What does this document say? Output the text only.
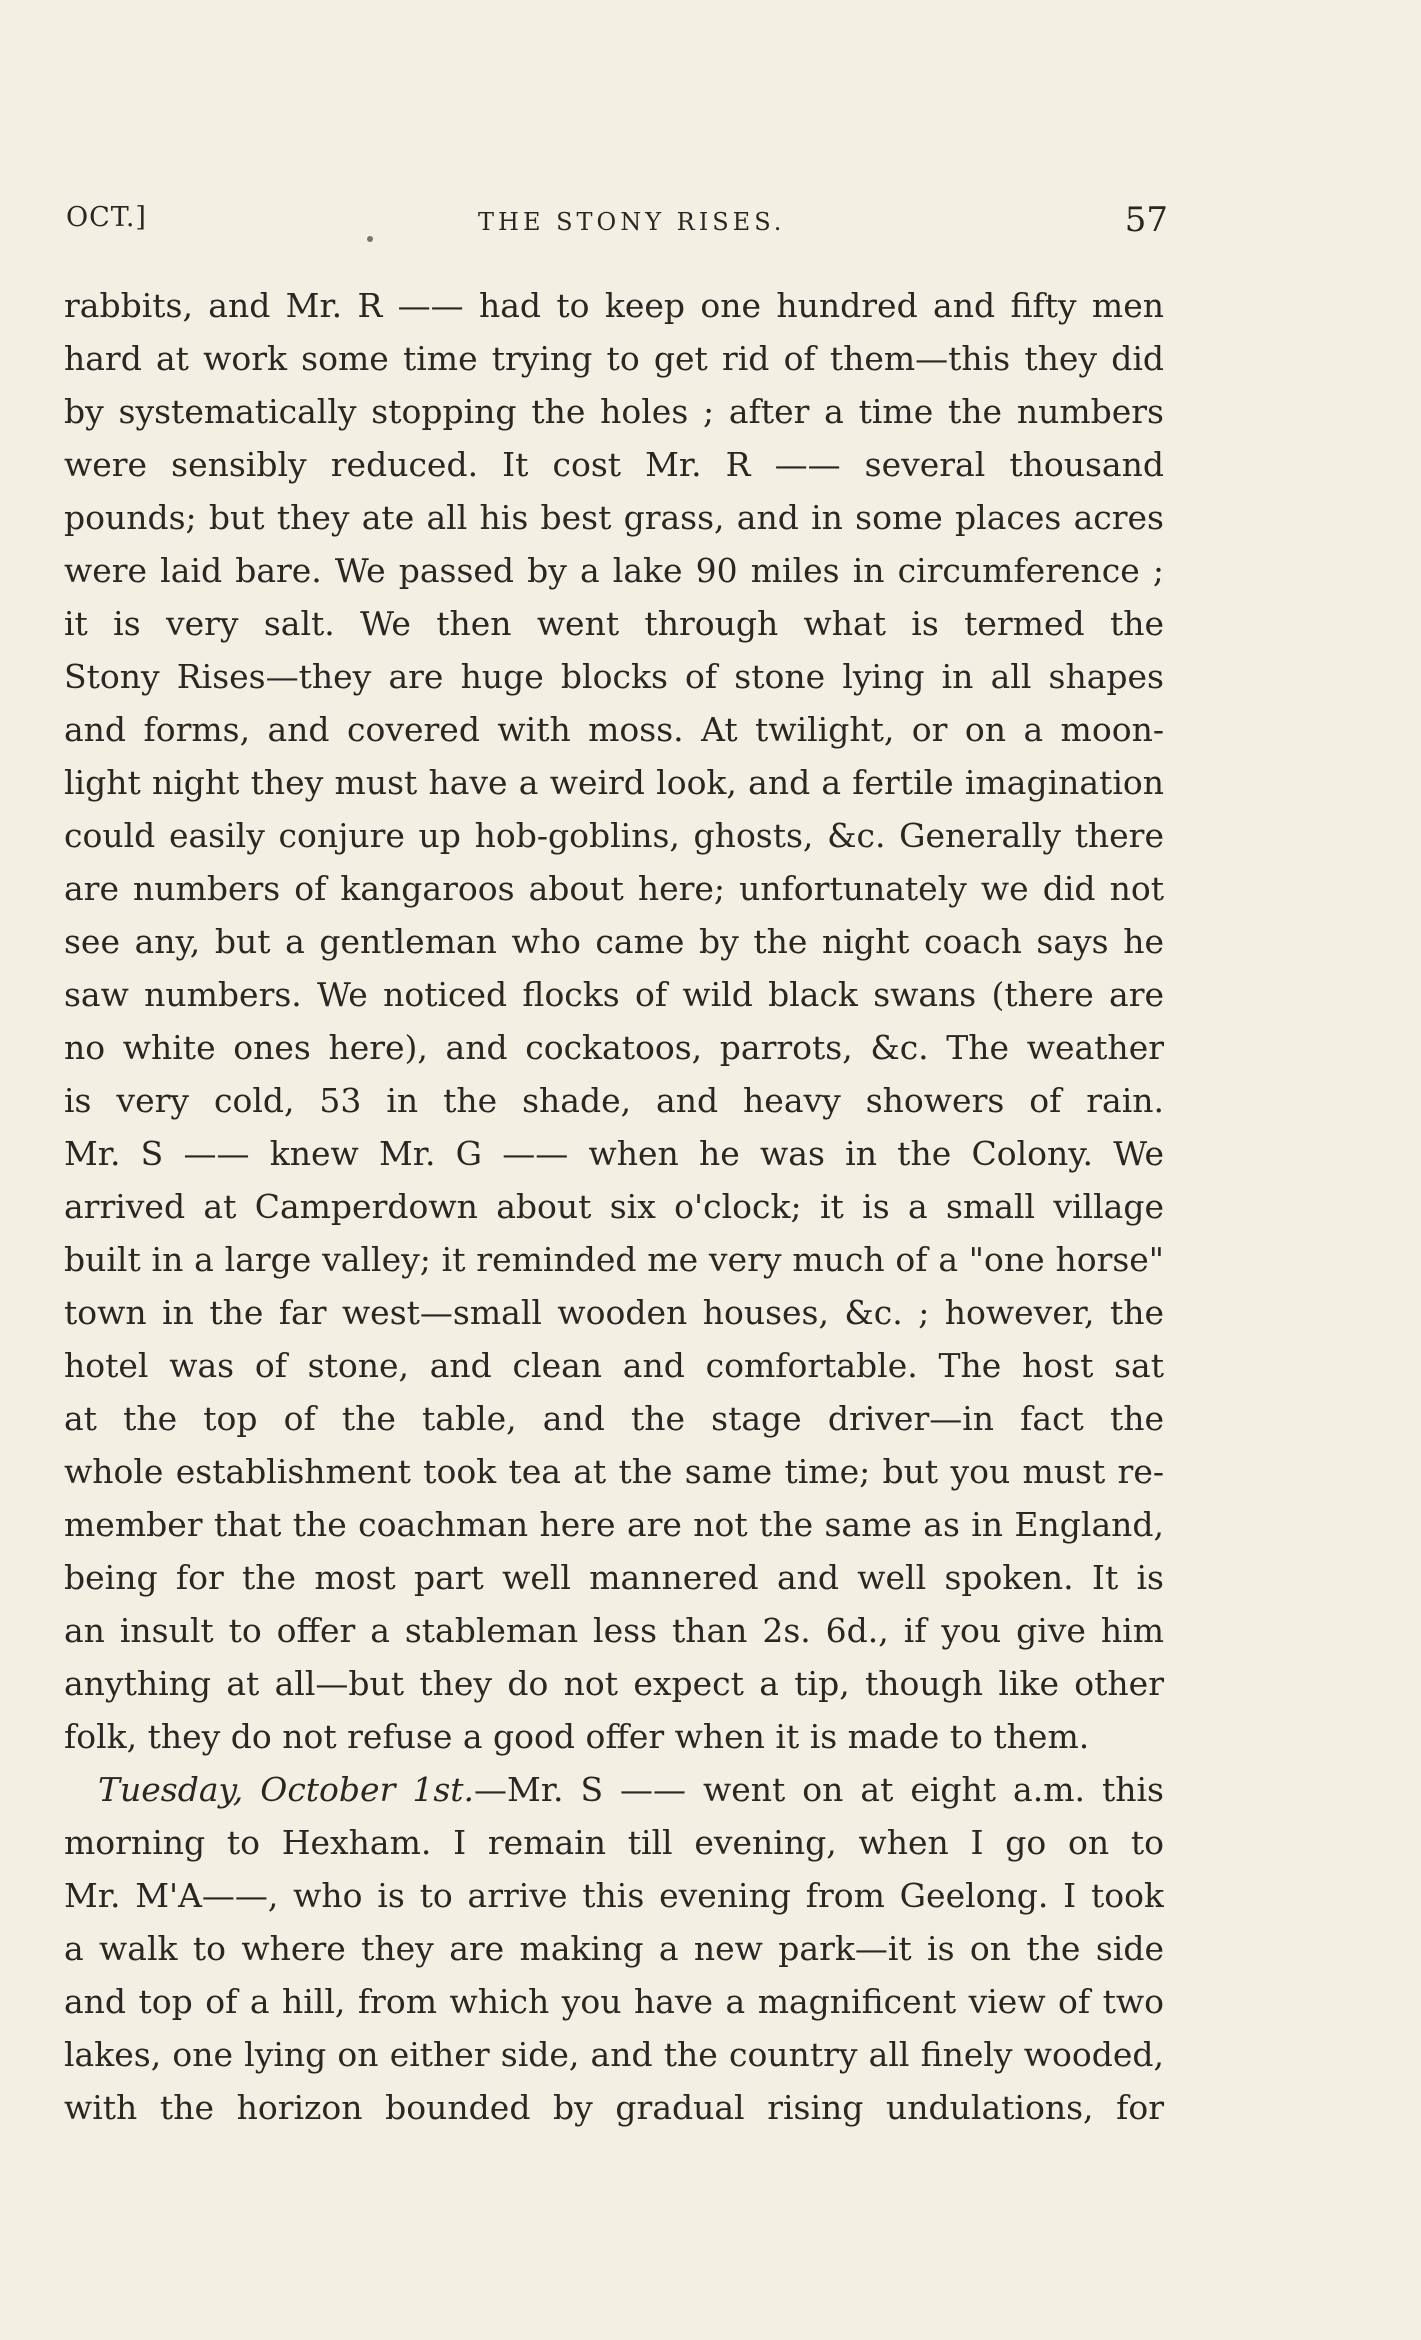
OCT.]	THE STONY RISES.	57
rabbits, and Mr. R —— had to keep one hundred and fifty men
hard at work some time trying to get rid of them—this they did
by systematically stopping the holes ; after a time the numbers
were sensibly reduced. It cost Mr. R —— several thousand
pounds; but they ate all his best grass, and in some places acres
were laid bare. We passed by a lake 90 miles in circumference ;
it is very salt. We then went through what is termed the
Stony Rises—they are huge blocks of stone lying in all shapes
and forms, and covered with moss. At twilight, or on a moon-
light night they must have a weird look, and a fertile imagination
could easily conjure up hob-goblins, ghosts, &c. Generally there
are numbers of kangaroos about here; unfortunately we did not
see any, but a gentleman who came by the night coach says he
saw numbers. We noticed flocks of wild black swans (there are
no white ones here), and cockatoos, parrots, &c. The weather
is very cold, 53 in the shade, and heavy showers of rain.
Mr. S —— knew Mr. G —— when he was in the Colony. We
arrived at Camperdown about six o'clock; it is a small village
built in a large valley; it reminded me very much of a "one horse"
town in the far west—small wooden houses, &c. ; however, the
hotel was of stone, and clean and comfortable. The host sat
at the top of the table, and the stage driver—in fact the
whole establishment took tea at the same time; but you must re-
member that the coachman here are not the same as in England,
being for the most part well mannered and well spoken. It is
an insult to offer a stableman less than 2s. 6d., if you give him
anything at all—but they do not expect a tip, though like other
folk, they do not refuse a good offer when it is made to them.
Tuesday, October 1st.—Mr. S —— went on at eight a.m. this
morning to Hexham. I remain till evening, when I go on to
Mr. M'A——, who is to arrive this evening from Geelong. I took
a walk to where they are making a new park—it is on the side
and top of a hill, from which you have a magnificent view of two
lakes, one lying on either side, and the country all finely wooded,
with the horizon bounded by gradual rising undulations, for
